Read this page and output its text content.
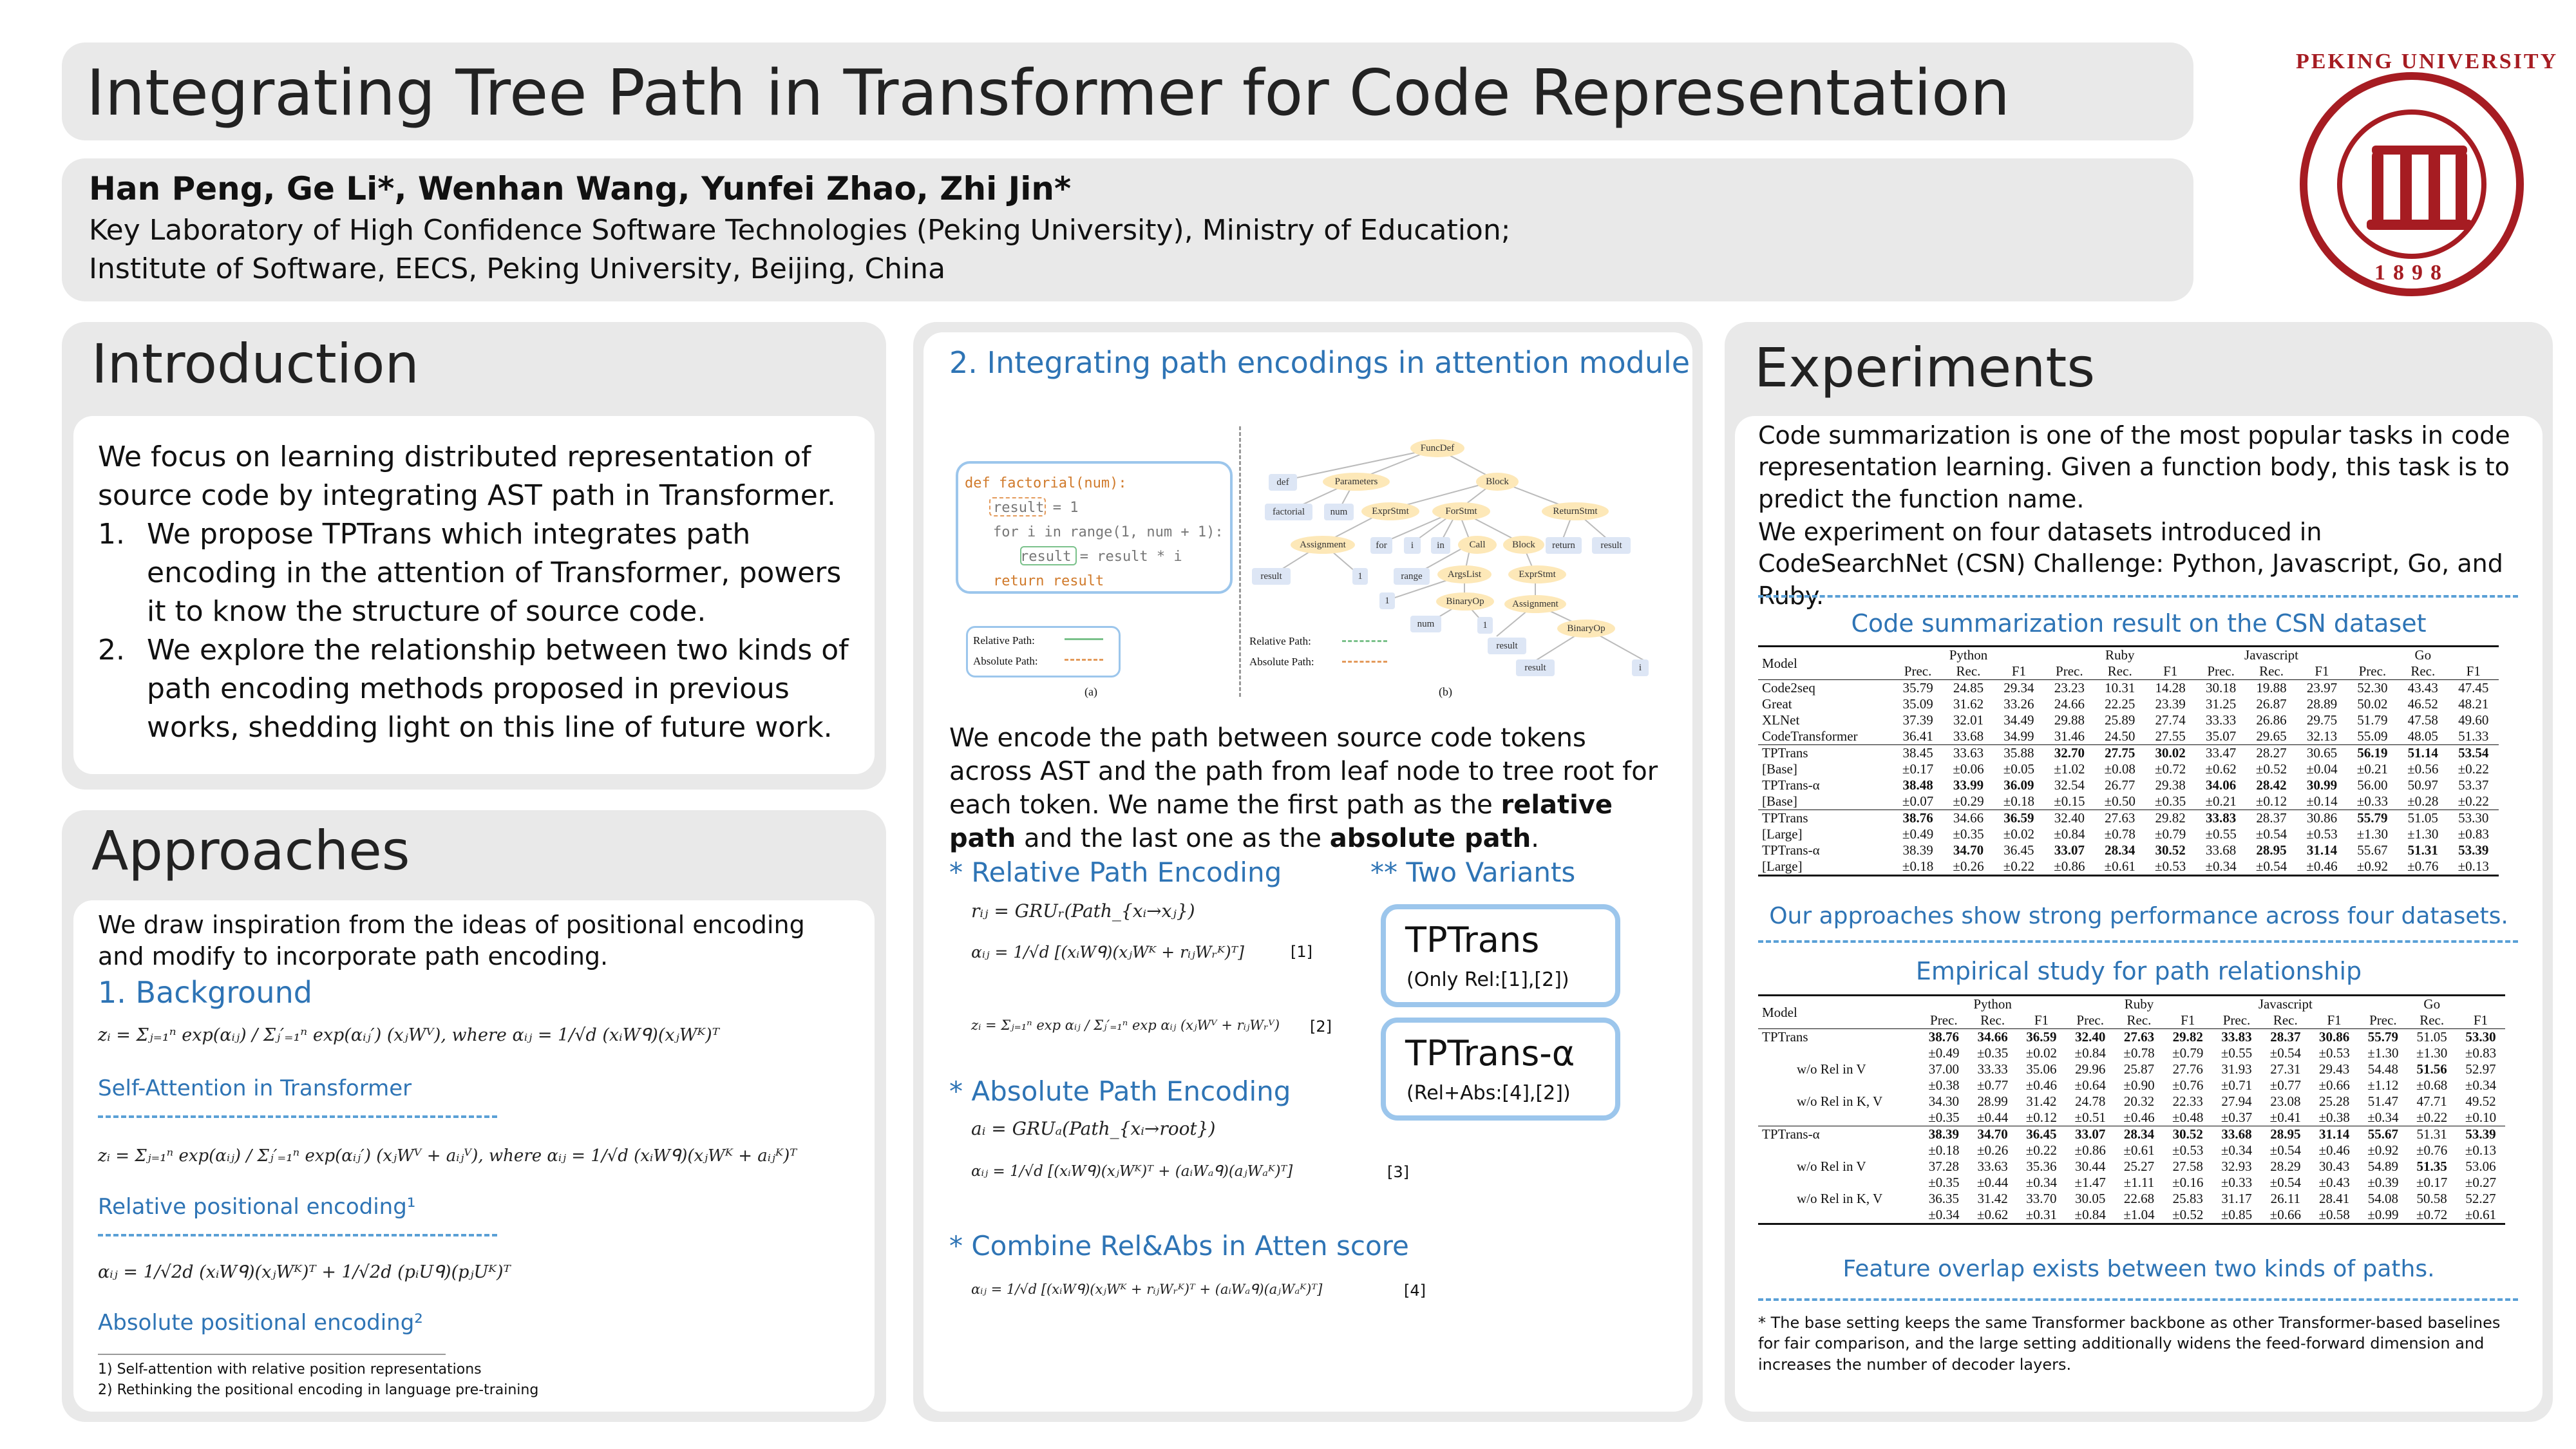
Integrating Tree Path in Transformer for Code Representation
Han Peng, Ge Li*, Wenhan Wang, Yunfei Zhao, Zhi Jin*
Key Laboratory of High Confidence Software Technologies (Peking University), Ministry of Education;
Institute of Software, EECS, Peking University, Beijing, China
PEKING UNIVERSITY
1898
Introduction
We focus on learning distributed representation of source code by integrating AST path in Transformer.
1. We propose TPTrans which integrates path encoding in the attention of Transformer, powers it to know the structure of source code.
2. We explore the relationship between two kinds of path encoding methods proposed in previous works, shedding light on this line of future work.
Approaches
We draw inspiration from the ideas of positional encoding and modify to incorporate path encoding.
1. Background
zᵢ = Σⱼ₌₁ⁿ exp(αᵢⱼ) / Σⱼ′₌₁ⁿ exp(αᵢⱼ′) (xⱼWⱽ), where αᵢⱼ = 1/√d (xᵢWᑫ)(xⱼWᴷ)ᵀ
Self-Attention in Transformer
zᵢ = Σⱼ₌₁ⁿ exp(αᵢⱼ) / Σⱼ′₌₁ⁿ exp(αᵢⱼ′) (xⱼWⱽ + aᵢⱼⱽ), where αᵢⱼ = 1/√d (xᵢWᑫ)(xⱼWᴷ + aᵢⱼᴷ)ᵀ
Relative positional encoding¹
αᵢⱼ = 1/√2d (xᵢWᑫ)(xⱼWᴷ)ᵀ + 1/√2d (pᵢUᑫ)(pⱼUᴷ)ᵀ
Absolute positional encoding²
1) Self-attention with relative position representations
2) Rethinking the positional encoding in language pre-training
2. Integrating path encodings in attention module
def factorial(num):
result = 1
for i in range(1, num + 1):
result = result * i
return result
Relative Path:
Absolute Path:
(a)
FuncDef
def	Parameters	Block
factorial	num	ExprStmt	ForStmt	ReturnStmt
Assignment	for	i	in	Call	Block	return	result
result	1	range	ArgsList	ExprStmt
1	BinaryOp	Assignment
num	1
result
BinaryOp
result	i
Relative Path:
Absolute Path:
(b)
We encode the path between source code tokens across AST and the path from leaf node to tree root for each token. We name the first path as the relative path and the last one as the absolute path.
* Relative Path Encoding
rᵢⱼ = GRUᵣ(Path_{xᵢ→xⱼ})
αᵢⱼ = 1/√d [(xᵢWᑫ)(xⱼWᴷ + rᵢⱼWᵣᴷ)ᵀ]	[1]
zᵢ = Σⱼ₌₁ⁿ exp αᵢⱼ / Σⱼ′₌₁ⁿ exp αᵢⱼ (xⱼWⱽ + rᵢⱼWᵣⱽ) [2]
* Absolute Path Encoding
aᵢ = GRUₐ(Path_{xᵢ→root})
αᵢⱼ = 1/√d [(xᵢWᑫ)(xⱼWᴷ)ᵀ + (aᵢWₐᑫ)(aⱼWₐᴷ)ᵀ]	[3]
* Combine Rel&Abs in Atten score
αᵢⱼ = 1/√d [(xᵢWᑫ)(xⱼWᴷ + rᵢⱼWᵣᴷ)ᵀ + (aᵢWₐᑫ)(aⱼWₐᴷ)ᵀ]	[4]
** Two Variants
TPTrans
(Only Rel:[1],[2])
TPTrans-α
(Rel+Abs:[4],[2])
Experiments
Code summarization is one of the most popular tasks in code representation learning. Given a function body, this task is to predict the function name.
We experiment on four datasets introduced in CodeSearchNet (CSN) Challenge: Python, Javascript, Go, and Ruby.
Code summarization result on the CSN dataset
Model	Python			Ruby			Javascript			Go		
	Prec.	Rec.	F1	Prec.	Rec.	F1	Prec.	Rec.	F1	Prec.	Rec.	F1
Code2seq	35.79	24.85	29.34	23.23	10.31	14.28	30.18	19.88	23.97	52.30	43.43	47.45
Great	35.09	31.62	33.26	24.66	22.25	23.39	31.25	26.87	28.89	50.02	46.52	48.21
XLNet	37.39	32.01	34.49	29.88	25.89	27.74	33.33	26.86	29.75	51.79	47.58	49.60
CodeTransformer	36.41	33.68	34.99	31.46	24.50	27.55	35.07	29.65	32.13	55.09	48.05	51.33
TPTrans	38.45	33.63	35.88	32.70	27.75	30.02	33.47	28.27	30.65	56.19	51.14	53.54
[Base]	±0.17	±0.06	±0.05	±1.02	±0.08	±0.72	±0.62	±0.52	±0.04	±0.21	±0.56	±0.22
TPTrans-α	38.48	33.99	36.09	32.54	26.77	29.38	34.06	28.42	30.99	56.00	50.97	53.37
[Base]	±0.07	±0.29	±0.18	±0.15	±0.50	±0.35	±0.21	±0.12	±0.14	±0.33	±0.28	±0.22
TPTrans	38.76	34.66	36.59	32.40	27.63	29.82	33.83	28.37	30.86	55.79	51.05	53.30
[Large]	±0.49	±0.35	±0.02	±0.84	±0.78	±0.79	±0.55	±0.54	±0.53	±1.30	±1.30	±0.83
TPTrans-α	38.39	34.70	36.45	33.07	28.34	30.52	33.68	28.95	31.14	55.67	51.31	53.39
[Large]	±0.18	±0.26	±0.22	±0.86	±0.61	±0.53	±0.34	±0.54	±0.46	±0.92	±0.76	±0.13
Our approaches show strong performance across four datasets.
Empirical study for path relationship
Model	Python			Ruby			Javascript			Go		
	Prec.	Rec.	F1	Prec.	Rec.	F1	Prec.	Rec.	F1	Prec.	Rec.	F1
TPTrans	38.76	34.66	36.59	32.40	27.63	29.82	33.83	28.37	30.86	55.79	51.05	53.30
	±0.49	±0.35	±0.02	±0.84	±0.78	±0.79	±0.55	±0.54	±0.53	±1.30	±1.30	±0.83
w/o Rel in V	37.00	33.33	35.06	29.96	25.87	27.76	31.93	27.31	29.43	54.48	51.56	52.97
	±0.38	±0.77	±0.46	±0.64	±0.90	±0.76	±0.71	±0.77	±0.66	±1.12	±0.68	±0.34
w/o Rel in K, V	34.30	28.99	31.42	24.78	20.32	22.33	27.94	23.08	25.28	51.47	47.71	49.52
	±0.35	±0.44	±0.12	±0.51	±0.46	±0.48	±0.37	±0.41	±0.38	±0.34	±0.22	±0.10
TPTrans-α	38.39	34.70	36.45	33.07	28.34	30.52	33.68	28.95	31.14	55.67	51.31	53.39
	±0.18	±0.26	±0.22	±0.86	±0.61	±0.53	±0.34	±0.54	±0.46	±0.92	±0.76	±0.13
w/o Rel in V	37.28	33.63	35.36	30.44	25.27	27.58	32.93	28.29	30.43	54.89	51.35	53.06
	±0.35	±0.44	±0.34	±1.47	±1.11	±0.16	±0.33	±0.54	±0.43	±0.39	±0.17	±0.27
w/o Rel in K, V	36.35	31.42	33.70	30.05	22.68	25.83	31.17	26.11	28.41	54.08	50.58	52.27
	±0.34	±0.62	±0.31	±0.84	±1.04	±0.52	±0.85	±0.66	±0.58	±0.99	±0.72	±0.61
Feature overlap exists between two kinds of paths.
* The base setting keeps the same Transformer backbone as other Transformer-based baselines for fair comparison, and the large setting additionally widens the feed-forward dimension and increases the number of decoder layers.
